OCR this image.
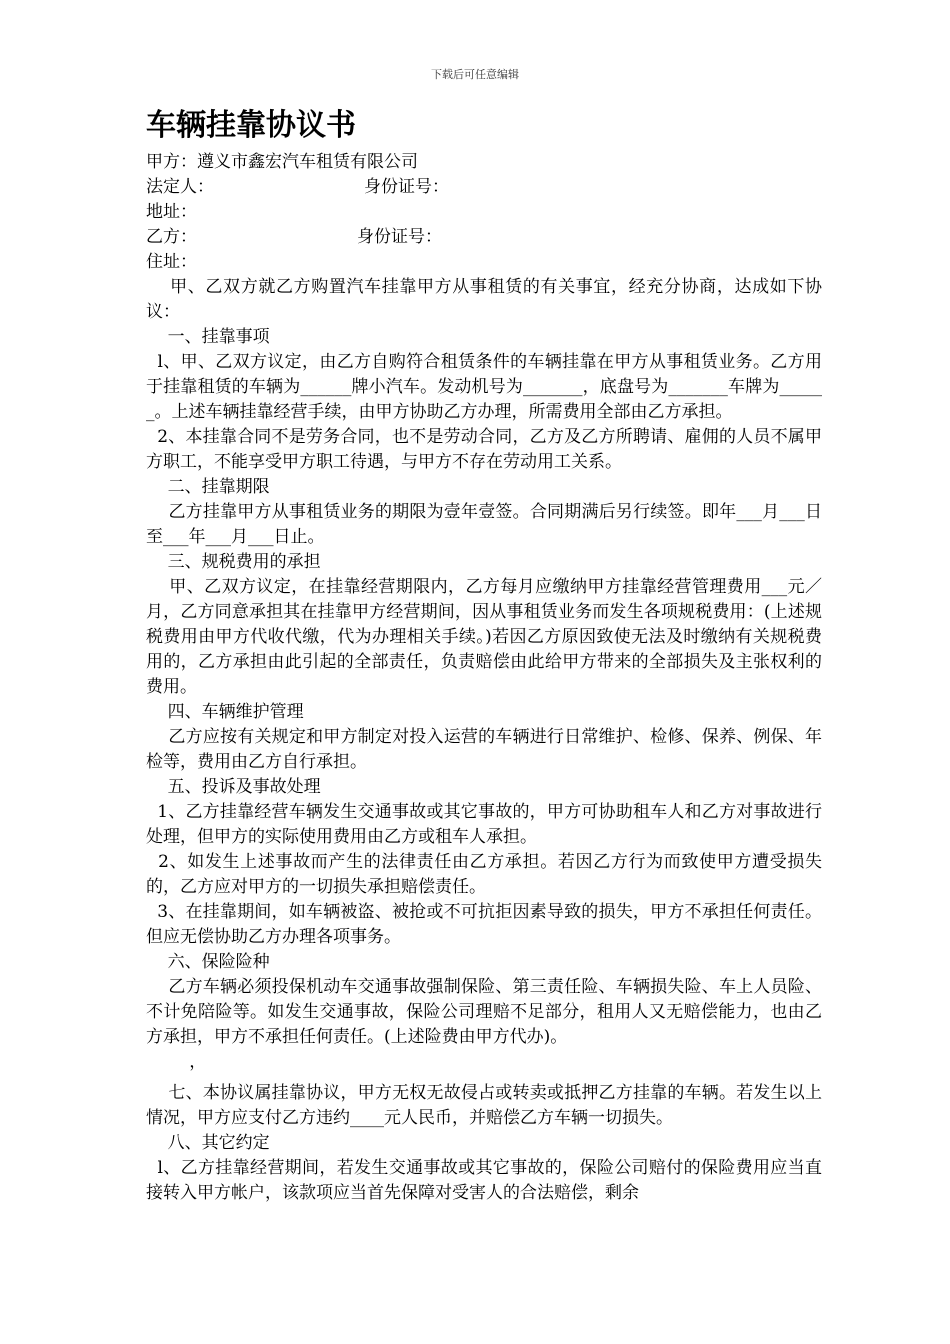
下载后可任意编辑
车辆挂靠协议书
甲方：遵义市鑫宏汽车租赁有限公司
法定人：	身份证号：
地址：
乙方：	身份证号：
住址：
甲、乙双方就乙方购置汽车挂靠甲方从事租赁的有关事宜，经充分协商，达成如下协议：
一、挂靠事项
l、甲、乙双方议定，由乙方自购符合租赁条件的车辆挂靠在甲方从事租赁业务。乙方用于挂靠租赁的车辆为______牌小汽车。发动机号为_______，底盘号为_______车牌为______。上述车辆挂靠经营手续，由甲方协助乙方办理，所需费用全部由乙方承担。
2、本挂靠合同不是劳务合同，也不是劳动合同，乙方及乙方所聘请、雇佣的人员不属甲方职工，不能享受甲方职工待遇，与甲方不存在劳动用工关系。
二、挂靠期限
乙方挂靠甲方从事租赁业务的期限为壹年壹签。合同期满后另行续签。即年___月___日至___年___月___日止。
三、规税费用的承担
甲、乙双方议定，在挂靠经营期限内，乙方每月应缴纳甲方挂靠经营管理费用___元／月，乙方同意承担其在挂靠甲方经营期间，因从事租赁业务而发生各项规税费用：(上述规税费用由甲方代收代缴，代为办理相关手续。)若因乙方原因致使无法及时缴纳有关规税费用的，乙方承担由此引起的全部责任，负责赔偿由此给甲方带来的全部损失及主张权利的费用。
四、车辆维护管理
乙方应按有关规定和甲方制定对投入运营的车辆进行日常维护、检修、保养、例保、年检等，费用由乙方自行承担。
五、投诉及事故处理
1、乙方挂靠经营车辆发生交通事故或其它事故的，甲方可协助租车人和乙方对事故进行处理，但甲方的实际使用费用由乙方或租车人承担。
2、如发生上述事故而产生的法律责任由乙方承担。若因乙方行为而致使甲方遭受损失的，乙方应对甲方的一切损失承担赔偿责任。
3、在挂靠期间，如车辆被盗、被抢或不可抗拒因素导致的损失，甲方不承担任何责任。但应无偿协助乙方办理各项事务。
六、保险险种
乙方车辆必须投保机动车交通事故强制保险、第三责任险、车辆损失险、车上人员险、不计免陪险等。如发生交通事故，保险公司理赔不足部分，租用人又无赔偿能力，也由乙方承担，甲方不承担任何责任。(上述险费由甲方代办)。
，
七、本协议属挂靠协议，甲方无权无故侵占或转卖或抵押乙方挂靠的车辆。若发生以上情况，甲方应支付乙方违约____元人民币，并赔偿乙方车辆一切损失。
八、其它约定
l、乙方挂靠经营期间，若发生交通事故或其它事故的，保险公司赔付的保险费用应当直接转入甲方帐户，该款项应当首先保障对受害人的合法赔偿，剩余
